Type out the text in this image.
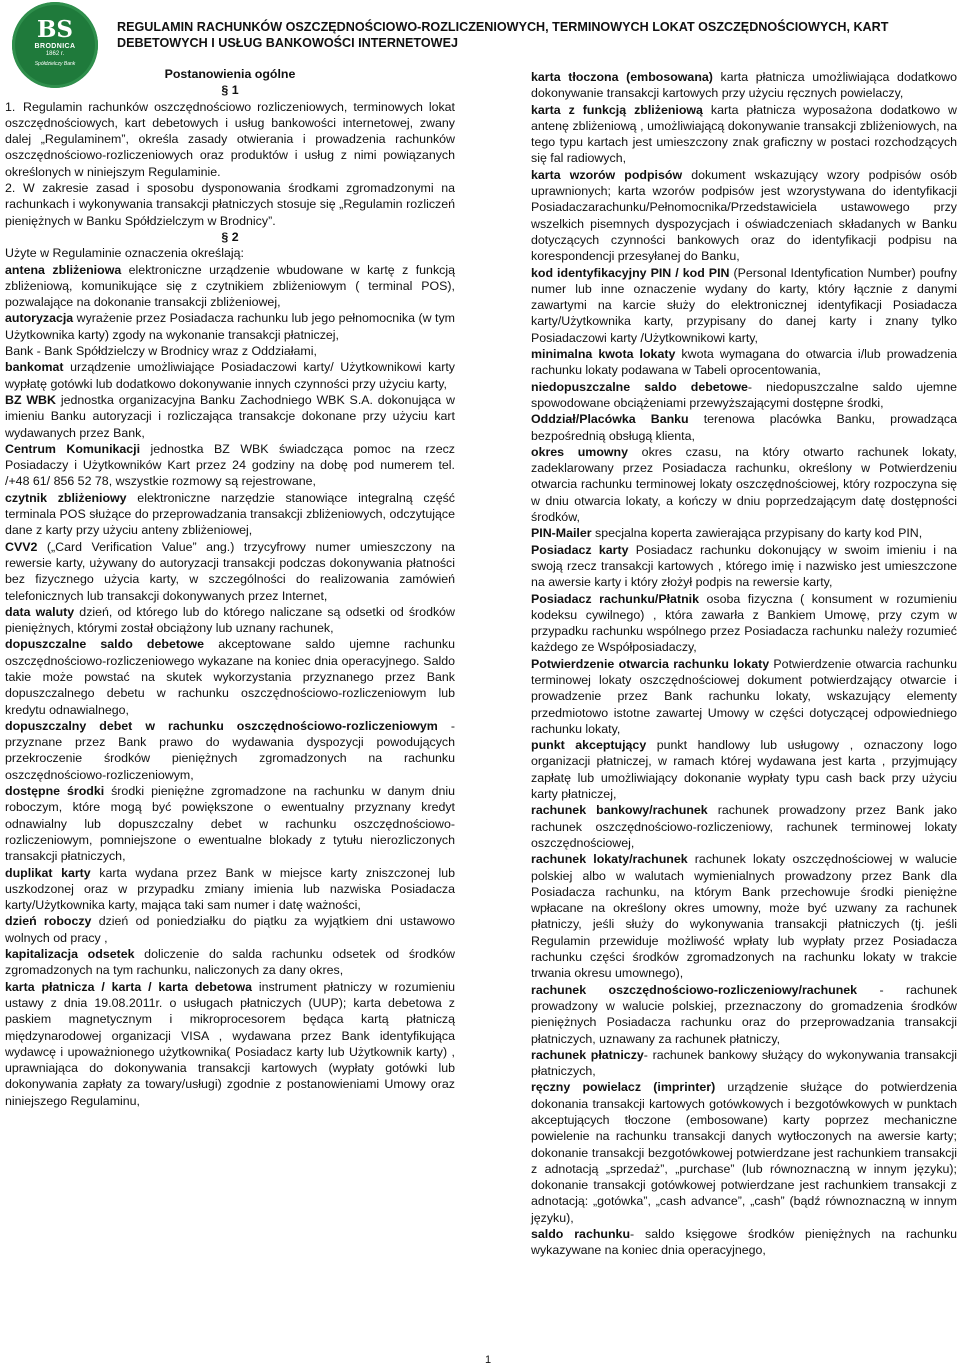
BS
BRODNICA
1862 r.
Spółdzielczy Bank
REGULAMIN RACHUNKÓW OSZCZĘDNOŚCIOWO-ROZLICZENIOWYCH, TERMINOWYCH LOKAT OSZCZĘDNOŚCIOWYCH, KART DEBETOWYCH I USŁUG BANKOWOŚCI INTERNETOWEJ

Postanowienia ogólne

§ 1

1. Regulamin rachunków oszczędnościowo rozliczeniowych, terminowych lokat oszczędnościowych, kart debetowych i usług bankowości internetowej, zwany dalej „Regulaminem”, określa zasady otwierania i prowadzenia rachunków oszczędnościowo-rozliczeniowych oraz produktów i usług z nimi powiązanych określonych w niniejszym Regulaminie.

2. W zakresie zasad i sposobu dysponowania środkami zgromadzonymi na rachunkach i wykonywania transakcji płatniczych stosuje się „Regulamin rozliczeń pieniężnych w Banku Spółdzielczym w Brodnicy”.

§ 2

Użyte w Regulaminie oznaczenia określają:

antena zbliżeniowa elektroniczne urządzenie wbudowane w kartę z funkcją zbliżeniową, komunikujące się z czytnikiem zbliżeniowym ( terminal POS), pozwalające na dokonanie transakcji zbliżeniowej,

autoryzacja wyrażenie przez Posiadacza rachunku lub jego pełnomocnika (w tym Użytkownika karty) zgody na wykonanie transakcji płatniczej,

Bank - Bank Spółdzielczy w Brodnicy wraz z Oddziałami,

bankomat urządzenie umożliwiające Posiadaczowi karty/ Użytkownikowi karty wypłatę gotówki lub dodatkowo dokonywanie innych czynności przy użyciu karty,

BZ WBK jednostka organizacyjna Banku Zachodniego WBK S.A. dokonująca w imieniu Banku autoryzacji i rozliczająca transakcje dokonane przy użyciu kart wydawanych przez Bank,

Centrum Komunikacji jednostka BZ WBK świadcząca pomoc na rzecz Posiadaczy i Użytkowników Kart przez 24 godziny na dobę pod numerem tel. /+48 61/ 856 52 78, wszystkie rozmowy są rejestrowane,

czytnik zbliżeniowy elektroniczne narzędzie stanowiące integralną część terminala POS służące do przeprowadzania transakcji zbliżeniowych, odczytujące dane z karty przy użyciu anteny zbliżeniowej,

CVV2 („Card Verification Value” ang.) trzycyfrowy numer umieszczony na rewersie karty, używany do autoryzacji transakcji podczas dokonywania płatności bez fizycznego użycia karty, w szczególności do realizowania zamówień telefonicznych lub transakcji dokonywanych przez Internet,

data waluty dzień, od którego lub do którego naliczane są odsetki od środków pieniężnych, którymi został obciążony lub uznany rachunek,

dopuszczalne saldo debetowe akceptowane saldo ujemne rachunku oszczędnościowo-rozliczeniowego wykazane na koniec dnia operacyjnego. Saldo takie może powstać na skutek wykorzystania przyznanego przez Bank dopuszczalnego debetu w rachunku oszczędnościowo-rozliczeniowym lub kredytu odnawialnego,

dopuszczalny debet w rachunku oszczędnościowo-rozliczeniowym - przyznane przez Bank prawo do wydawania dyspozycji powodujących przekroczenie środków pieniężnych zgromadzonych na rachunku oszczędnościowo-rozliczeniowym,

dostępne środki środki pieniężne zgromadzone na rachunku w danym dniu roboczym, które mogą być powiększone o ewentualny przyznany kredyt odnawialny lub dopuszczalny debet w rachunku oszczędnościowo-rozliczeniowym, pomniejszone o ewentualne blokady z tytułu nierozliczonych transakcji płatniczych,

duplikat karty karta wydana przez Bank w miejsce karty zniszczonej lub uszkodzonej oraz w przypadku zmiany imienia lub nazwiska Posiadacza karty/Użytkownika karty, mająca taki sam numer i datę ważności,

dzień roboczy dzień od poniedziałku do piątku za wyjątkiem dni ustawowo wolnych od pracy ,

kapitalizacja odsetek doliczenie do salda rachunku odsetek od środków zgromadzonych na tym rachunku, naliczonych za dany okres,

karta płatnicza / karta / karta debetowa instrument płatniczy w rozumieniu ustawy z dnia 19.08.2011r. o usługach płatniczych (UUP); karta debetowa z paskiem magnetycznym i mikroprocesorem będąca kartą płatniczą międzynarodowej organizacji VISA , wydawana przez Bank identyfikująca wydawcę i upoważnionego użytkownika( Posiadacz karty lub Użytkownik karty) , uprawniająca do dokonywania transakcji kartowych (wypłaty gotówki lub dokonywania zapłaty za towary/usługi) zgodnie z postanowieniami Umowy oraz niniejszego Regulaminu,

karta tłoczona (embosowana) karta płatnicza umożliwiająca dodatkowo dokonywanie transakcji kartowych przy użyciu ręcznych powielaczy,

karta z funkcją zbliżeniową karta płatnicza wyposażona dodatkowo w antenę zbliżeniową , umożliwiającą dokonywanie transakcji zbliżeniowych, na tego typu kartach jest umieszczony znak graficzny w postaci rozchodzących się fal radiowych,

karta wzorów podpisów dokument wskazujący wzory podpisów osób uprawnionych; karta wzorów podpisów jest wzorystywana do identyfikacji Posiadaczarachunku/Pełnomocnika/Przedstawiciela ustawowego przy wszelkich pisemnych dyspozycjach i oświadczeniach składanych w Banku dotyczących czynności bankowych oraz do identyfikacji podpisu na korespondencji przesyłanej do Banku,

kod identyfikacyjny PIN / kod PIN (Personal Identyfication Number) poufny numer lub inne oznaczenie wydany do karty, który łącznie z danymi zawartymi na karcie służy do elektronicznej identyfikacji Posiadacza karty/Użytkownika karty, przypisany do danej karty i znany tylko Posiadaczowi karty /Użytkownikowi karty,

minimalna kwota lokaty kwota wymagana do otwarcia i/lub prowadzenia rachunku lokaty podawana w Tabeli oprocentowania,

niedopuszczalne saldo debetowe- niedopuszczalne saldo ujemne spowodowane obciążeniami przewyższającymi dostępne środki,

Oddział/Placówka Banku terenowa placówka Banku, prowadząca bezpośrednią obsługą klienta,

okres umowny okres czasu, na który otwarto rachunek lokaty, zadeklarowany przez Posiadacza rachunku, określony w Potwierdzeniu otwarcia rachunku terminowej lokaty oszczędnościowej, który rozpoczyna się w dniu otwarcia lokaty, a kończy w dniu poprzedzającym datę dostępności środków,

PIN-Mailer specjalna koperta zawierająca przypisany do karty kod PIN,

Posiadacz karty Posiadacz rachunku dokonujący w swoim imieniu i na swoją rzecz transakcji kartowych , którego imię i nazwisko jest umieszczone na awersie karty i który złożył podpis na rewersie karty,

Posiadacz rachunku/Płatnik osoba fizyczna ( konsument w rozumieniu kodeksu cywilnego) , która zawarła z Bankiem Umowę, przy czym w przypadku rachunku wspólnego przez Posiadacza rachunku należy rozumieć każdego ze Współposiadaczy,

Potwierdzenie otwarcia rachunku lokaty Potwierdzenie otwarcia rachunku terminowej lokaty oszczędnościowej dokument potwierdzający otwarcie i prowadzenie przez Bank rachunku lokaty, wskazujący elementy przedmiotowo istotne zawartej Umowy w części dotyczącej odpowiedniego rachunku lokaty,

punkt akceptujący punkt handlowy lub usługowy , oznaczony logo organizacji płatniczej, w ramach której wydawana jest karta , przyjmujący zapłatę lub umożliwiający dokonanie wypłaty typu cash back przy użyciu karty płatniczej,

rachunek bankowy/rachunek rachunek prowadzony przez Bank jako rachunek oszczędnościowo-rozliczeniowy, rachunek terminowej lokaty oszczędnościowej,

rachunek lokaty/rachunek rachunek lokaty oszczędnościowej w walucie polskiej albo w walutach wymienialnych prowadzony przez Bank dla Posiadacza rachunku, na którym Bank przechowuje środki pieniężne wpłacane na określony okres umowny, może być uzwany za rachunek płatniczy, jeśli służy do wykonywania transakcji płatniczych (tj. jeśli Regulamin przewiduje możliwość wpłaty lub wypłaty przez Posiadacza rachunku części środków zgromadzonych na rachunku lokaty w trakcie trwania okresu umownego),

rachunek oszczędnościowo-rozliczeniowy/rachunek - rachunek prowadzony w walucie polskiej, przeznaczony do gromadzenia środków pieniężnych Posiadacza rachunku oraz do przeprowadzania transakcji płatniczych, uznawany za rachunek płatniczy,

rachunek płatniczy- rachunek bankowy służący do wykonywania transakcji płatniczych,

ręczny powielacz (imprinter) urządzenie służące do potwierdzenia dokonania transakcji kartowych gotówkowych i bezgotówkowych w punktach akceptujących tłoczone (embosowane) karty poprzez mechaniczne powielenie na rachunku transakcji danych wytłoczonych na awersie karty; dokonanie transakcji bezgotówkowej potwierdzane jest rachunkiem transakcji z adnotacją „sprzedaż”, „purchase” (lub równoznaczną w innym języku); dokonanie transakcji gotówkowej potwierdzane jest rachunkiem transakcji z adnotacją: „gotówka”, „cash advance”, „cash” (bądź równoznaczną w innym języku),

saldo rachunku- saldo księgowe środków pieniężnych na rachunku wykazywane na koniec dnia operacyjnego,

1
